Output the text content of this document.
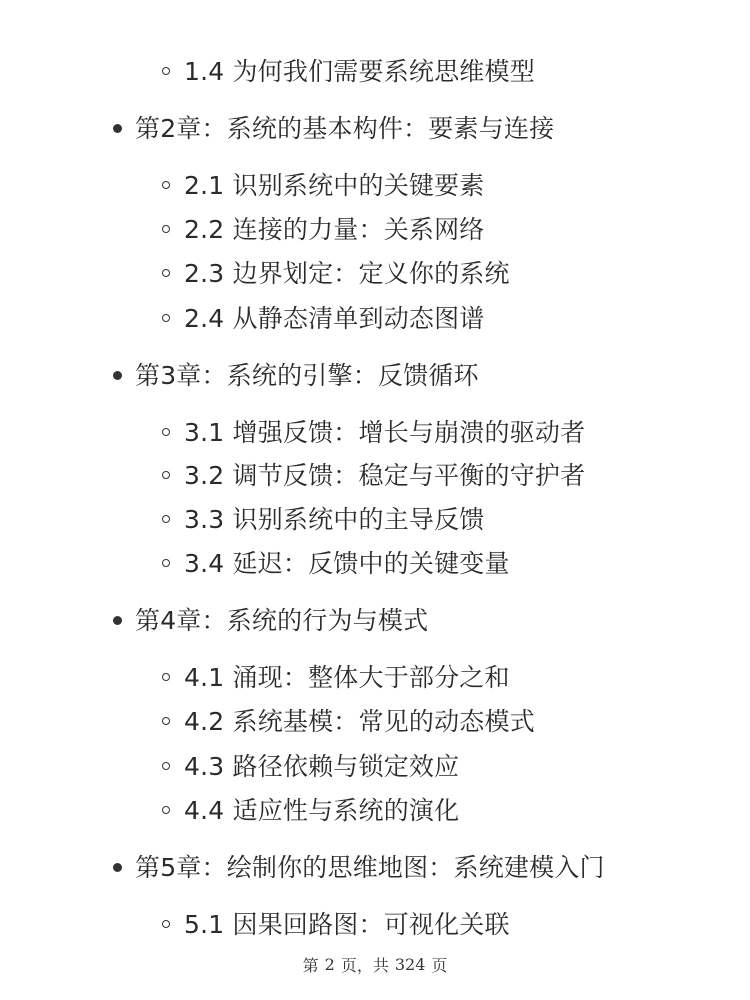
1.4 为何我们需要系统思维模型
第2章：系统的基本构件：要素与连接
2.1 识别系统中的关键要素
2.2 连接的力量：关系网络
2.3 边界划定：定义你的系统
2.4 从静态清单到动态图谱
第3章：系统的引擎：反馈循环
3.1 增强反馈：增长与崩溃的驱动者
3.2 调节反馈：稳定与平衡的守护者
3.3 识别系统中的主导反馈
3.4 延迟：反馈中的关键变量
第4章：系统的行为与模式
4.1 涌现：整体大于部分之和
4.2 系统基模：常见的动态模式
4.3 路径依赖与锁定效应
4.4 适应性与系统的演化
第5章：绘制你的思维地图：系统建模入门
5.1 因果回路图：可视化关联
第 2 页，共 324 页
